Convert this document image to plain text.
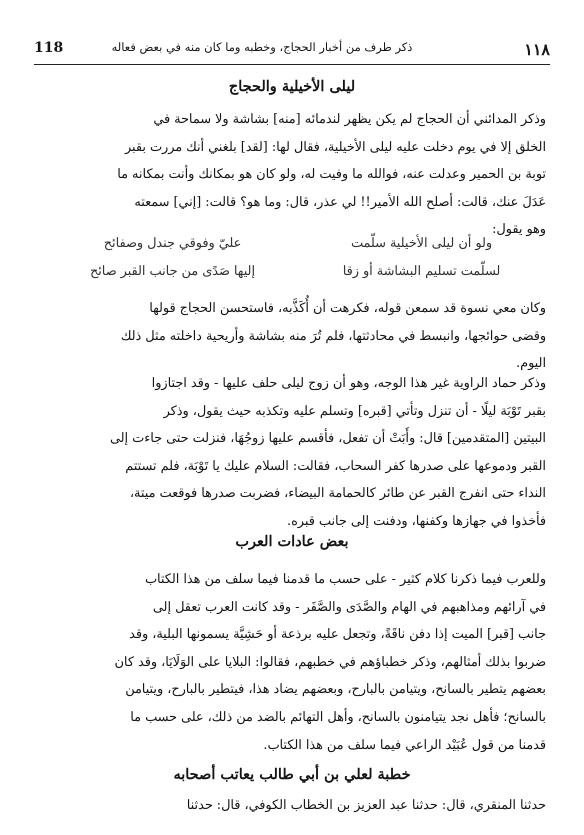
١١٨
ذكر طرف من أخبار الحجاج، وخطبه وما كان منه في بعض فعاله
118
ليلى الأخيلية والحجاج
وذكر المدائني أن الحجاج لم يكن يظهر لندمائه [منه] بشاشة ولا سماحة في
الخلق إلا في يوم دخلت عليه ليلى الأخيلية، فقال لها: [لقد] بلغني أنك مررت بقبر
توبة بن الحمير وعدلت عنه، فوالله ما وفيت له، ولو كان هو بمكانك وأنت بمكانه ما
عَدَلَ عنك، قالت: أصلح الله الأمير!! لي عذر، قال: وما هو؟ قالت: [إني] سمعته
وهو يقول:
ولو أن ليلى الأخيلية سلّمت
عليّ وفوقي جندل وصفائح
لسلّمت تسليم البشاشة أو زقا
إليها صَدًى من جانب القبر صائح
وكان معي نسوة قد سمعن قوله، فكرهت أن أُكَذَّبه، فاستحسن الحجاج قولها
وقضى حوائجها، وانبسط في محادثتها، فلم تُرَ منه بشاشة وأريحية داخلته مثل ذلك
اليوم.
وذكر حماد الراوية غير هذا الوجه، وهو أن زوج ليلى حلف عليها - وقد اجتازوا
بقبر تَوْبَة ليلًا - أن تنزل وتأتي [قبره] وتسلم عليه وتكذبه حيث يقول، وذكر
البيتين [المتقدمين] قال: وأَبَتْ أن تفعل، فأقسم عليها زوجُهَا، فنزلت حتى جاءت إلى
القبر ودموعها على صدرها كفر السحاب، فقالت: السلام عليك يا تَوْبَة، فلم تستتم
النداء حتى انفرج القبر عن طائر كالحمامة البيضاء، فضربت صدرها فوقعت ميتة،
فأخذوا في جهازها وكفنها، ودفنت إلى جانب قبره.
بعض عادات العرب
وللعرب فيما ذكرنا كلام كثير - على حسب ما قدمنا فيما سلف من هذا الكتاب
في آرائهم ومذاهبهم في الهام والصَّدَى والصَّفَر - وقد كانت العرب تعقل إلى
جانب [قبر] الميت إذا دفن ناقَةً، وتجعل عليه برذعة أو حَشِيَّة يسمونها البلية، وقد
ضربوا بذلك أمثالهم، وذكر خطباؤهم في خطبهم، فقالوا: البلايا على الوَلَايَا، وقد كان
بعضهم يتطير بالسانح، ويتيامن بالبارح، وبعضهم يضاد هذا، فيتطير بالبارح، ويتيامن
بالسانح؛ فأهل نجد يتيامنون بالسانح، وأهل التهائم بالضد من ذلك، على حسب ما
قدمنا من قول عُبَيْد الراعي فيما سلف من هذا الكتاب.
خطبة لعلي بن أبي طالب يعاتب أصحابه
حدثنا المنقري، قال: حدثنا عبد العزيز بن الخطاب الكوفي، قال: حدثنا
